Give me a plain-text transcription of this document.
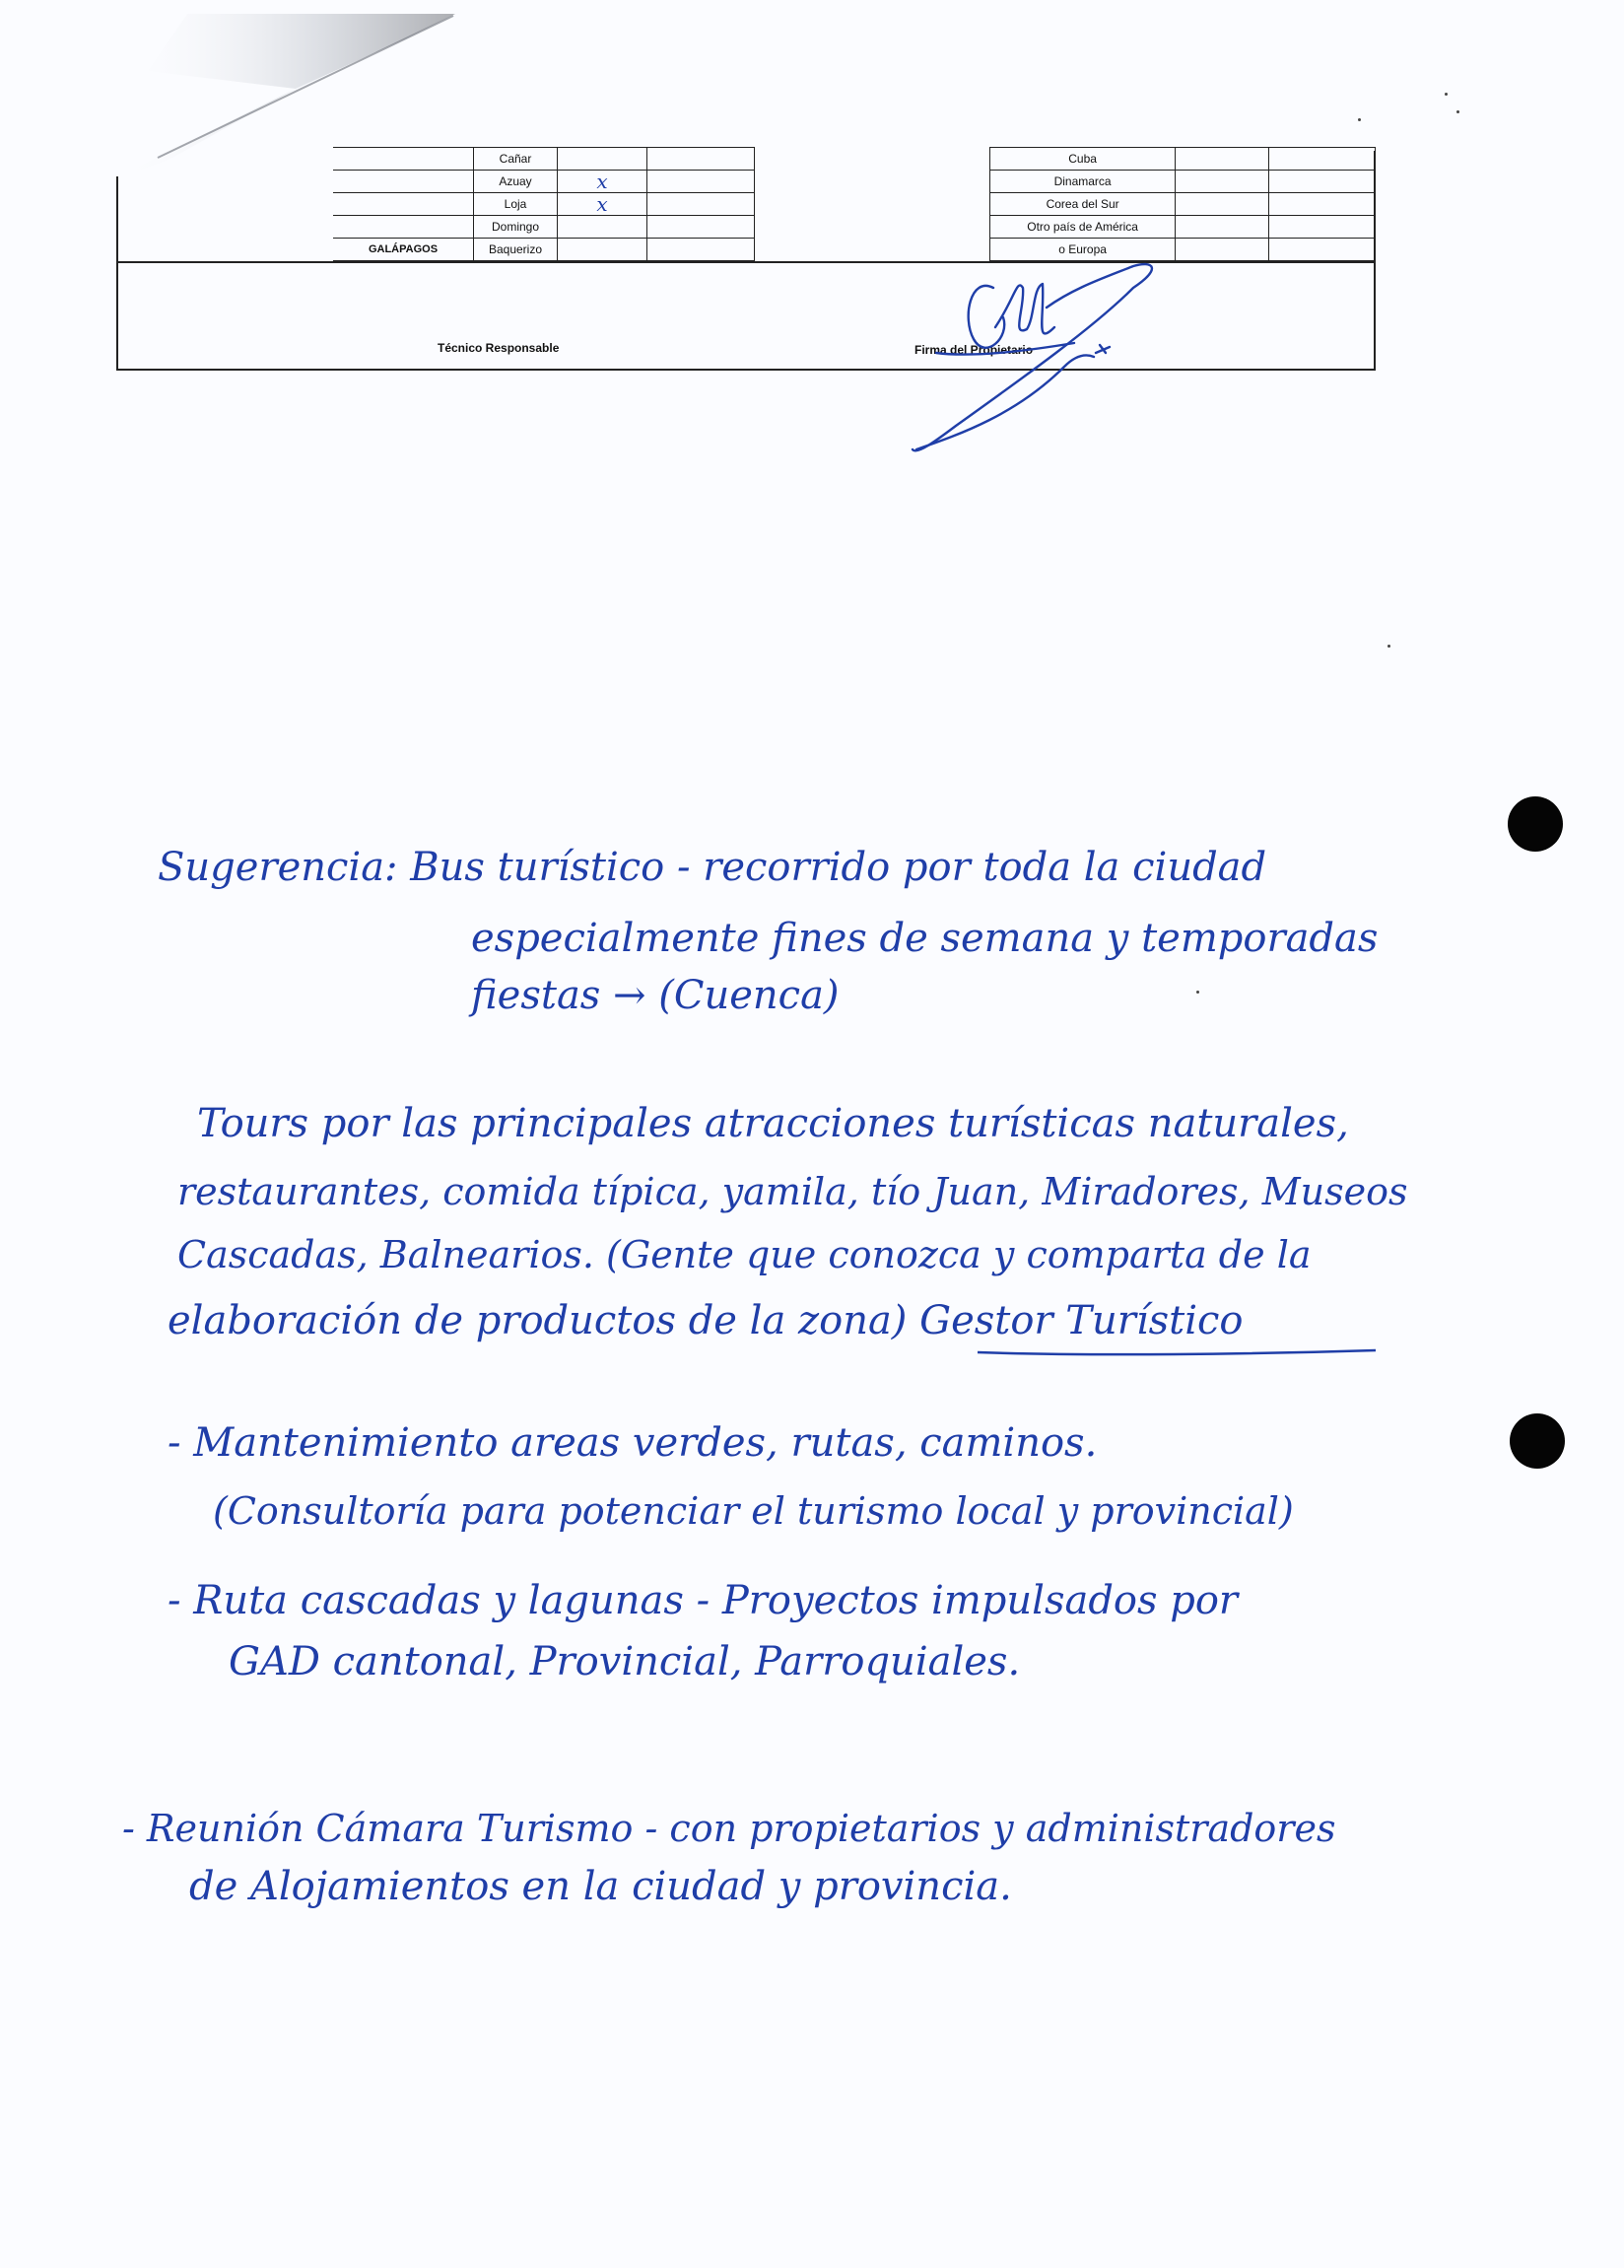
	Cañar		
	Azuay	x	
	Loja	x	
	Domingo		
GALÁPAGOS	Baquerizo		
Cuba		
Dinamarca		
Corea del Sur		
Otro país de América		
o Europa		
Técnico Responsable	Firma del Propietario
Sugerencia: Bus turístico - recorrido por toda la ciudad
especialmente fines de semana y temporadas
fiestas → (Cuenca)
Tours por las principales atracciones turísticas naturales,
restaurantes, comida típica, yamila, tío Juan, Miradores, Museos
Cascadas, Balnearios. (Gente que conozca y comparta de la
elaboración de productos de la zona) Gestor Turístico
- Mantenimiento areas verdes, rutas, caminos.
(Consultoría para potenciar el turismo local y provincial)
- Ruta cascadas y lagunas - Proyectos impulsados por
GAD cantonal, Provincial, Parroquiales.
- Reunión Cámara Turismo - con propietarios y administradores
de Alojamientos en la ciudad y provincia.
